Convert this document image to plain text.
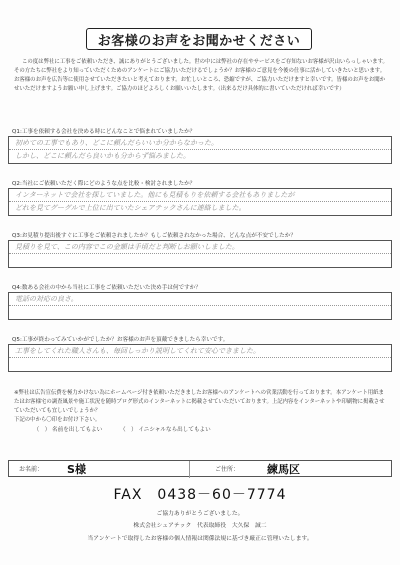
お客様のお声をお聞かせください
この度は弊社に工事をご依頼いただき、誠にありがとうございました。世の中には弊社の存在やサービスをご存知ないお客様が沢山いらっしゃいます。その方たちに弊社をより知っていただくためのアンケートにご協力いただけるでしょうか？お客様のご意見を今後の仕事に活かしていきたいと思います。お客様のお声を広告等に使用させていただきたいと考えております。お忙しいところ、恐縮ですが、ご協力いただけますと幸いです。皆様のお声をお聞かせいただけますようお願い申し上げます。ご協力のほどよろしくお願いいたします。（出来るだけ具体的に書いていただければ幸いです）
Q1:工事を依頼する会社を決める時にどんなことで悩まれていましたか？
初めての工事でもあり、どこに頼んだらいいか分からなかった。
しかし、どこに頼んだら良いかも分からず悩みました。
Q2:当社にご依頼いただく際にどのような点を比較・検討されましたか？
インターネットで会社を探していました。他にも見積もりを依頼する会社もありましたが
どれを見てグーグルで上位に出ていたシェアテックさんに連絡しました。
Q3:お見積り提出後すぐに工事をご依頼されましたか？もしご依頼されなかった場合、どんな点が不安でしたか？
見積りを見て、この内容でこの金額は手頃だと判断しお願いしました。
Q4:数ある会社の中から当社に工事をご依頼いただいた決め手は何ですか？
電話の対応の良さ。
Q5:工事が終わってみていかがでしたか？お客様のお声を頂戴できましたら幸いです。
工事をしてくれた職人さんも、毎回しっかり説明してくれて安心できました。
※弊社は広告宣伝費を極力かけない為にホームページ付き依頼いただきましたお客様へのアンケートへの営業活動を行っております。本アンケート用紙またはお客様宅の調査風景や施工状況を随時ブログ形式のインターネットに掲載させていただいております。上記内容をインターネットや印刷物に掲載させていただいても宜しいでしょうか？
下記の中から〇印をお付け下さい。
（　） 名前を出してもよい	（　） イニシャルなら出してもよい
お名前： S様	ご住所：	練馬区
FAX　0438－60－7774
ご協力ありがとうございました。
株式会社シェアテック　代表取締役　大久保　誠二
当アンケートで取得したお客様の個人情報は関係法規に基づき厳正に管理いたします。
